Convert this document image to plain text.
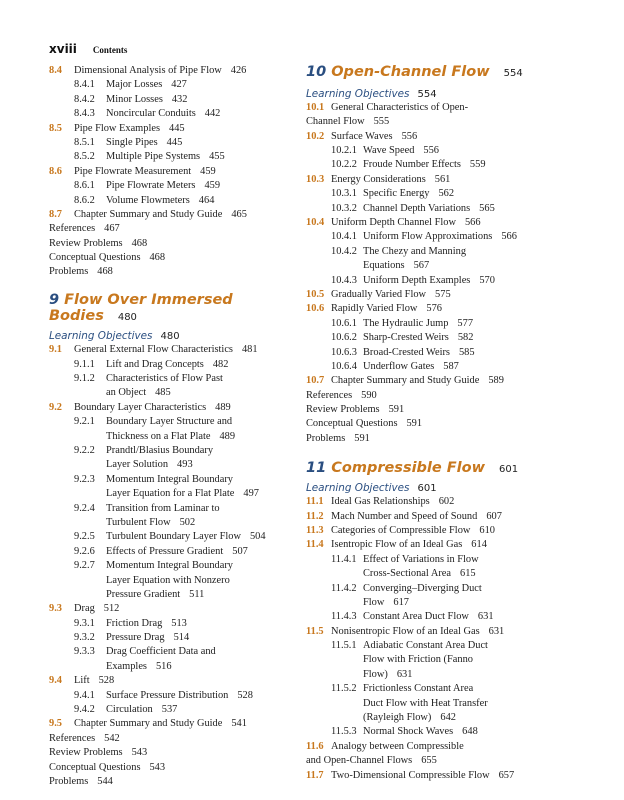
xviii Contents
8.4 Dimensional Analysis of Pipe Flow 426
8.4.1 Major Losses 427
8.4.2 Minor Losses 432
8.4.3 Noncircular Conduits 442
8.5 Pipe Flow Examples 445
8.5.1 Single Pipes 445
8.5.2 Multiple Pipe Systems 455
8.6 Pipe Flowrate Measurement 459
8.6.1 Pipe Flowrate Meters 459
8.6.2 Volume Flowmeters 464
8.7 Chapter Summary and Study Guide 465
References 467
Review Problems 468
Conceptual Questions 468
Problems 468
9 Flow Over Immersed
Bodies 480
Learning Objectives 480
9.1 General External Flow Characteristics 481
9.1.1 Lift and Drag Concepts 482
9.1.2 Characteristics of Flow Past
an Object 485
9.2 Boundary Layer Characteristics 489
9.2.1 Boundary Layer Structure and
Thickness on a Flat Plate 489
9.2.2 Prandtl/Blasius Boundary
Layer Solution 493
9.2.3 Momentum Integral Boundary
Layer Equation for a Flat Plate 497
9.2.4 Transition from Laminar to
Turbulent Flow 502
9.2.5 Turbulent Boundary Layer Flow 504
9.2.6 Effects of Pressure Gradient 507
9.2.7 Momentum Integral Boundary
Layer Equation with Nonzero
Pressure Gradient 511
9.3 Drag 512
9.3.1 Friction Drag 513
9.3.2 Pressure Drag 514
9.3.3 Drag Coefficient Data and
Examples 516
9.4 Lift 528
9.4.1 Surface Pressure Distribution 528
9.4.2 Circulation 537
9.5 Chapter Summary and Study Guide 541
References 542
Review Problems 543
Conceptual Questions 543
Problems 544
10 Open-Channel Flow 554
Learning Objectives 554
10.1 General Characteristics of Open-
Channel Flow 555
10.2 Surface Waves 556
10.2.1 Wave Speed 556
10.2.2 Froude Number Effects 559
10.3 Energy Considerations 561
10.3.1 Specific Energy 562
10.3.2 Channel Depth Variations 565
10.4 Uniform Depth Channel Flow 566
10.4.1 Uniform Flow Approximations 566
10.4.2 The Chezy and Manning
Equations 567
10.4.3 Uniform Depth Examples 570
10.5 Gradually Varied Flow 575
10.6 Rapidly Varied Flow 576
10.6.1 The Hydraulic Jump 577
10.6.2 Sharp-Crested Weirs 582
10.6.3 Broad-Crested Weirs 585
10.6.4 Underflow Gates 587
10.7 Chapter Summary and Study Guide 589
References 590
Review Problems 591
Conceptual Questions 591
Problems 591
11 Compressible Flow 601
Learning Objectives 601
11.1 Ideal Gas Relationships 602
11.2 Mach Number and Speed of Sound 607
11.3 Categories of Compressible Flow 610
11.4 Isentropic Flow of an Ideal Gas 614
11.4.1 Effect of Variations in Flow
Cross-Sectional Area 615
11.4.2 Converging–Diverging Duct
Flow 617
11.4.3 Constant Area Duct Flow 631
11.5 Nonisentropic Flow of an Ideal Gas 631
11.5.1 Adiabatic Constant Area Duct
Flow with Friction (Fanno
Flow) 631
11.5.2 Frictionless Constant Area
Duct Flow with Heat Transfer
(Rayleigh Flow) 642
11.5.3 Normal Shock Waves 648
11.6 Analogy between Compressible
and Open-Channel Flows 655
11.7 Two-Dimensional Compressible Flow 657
